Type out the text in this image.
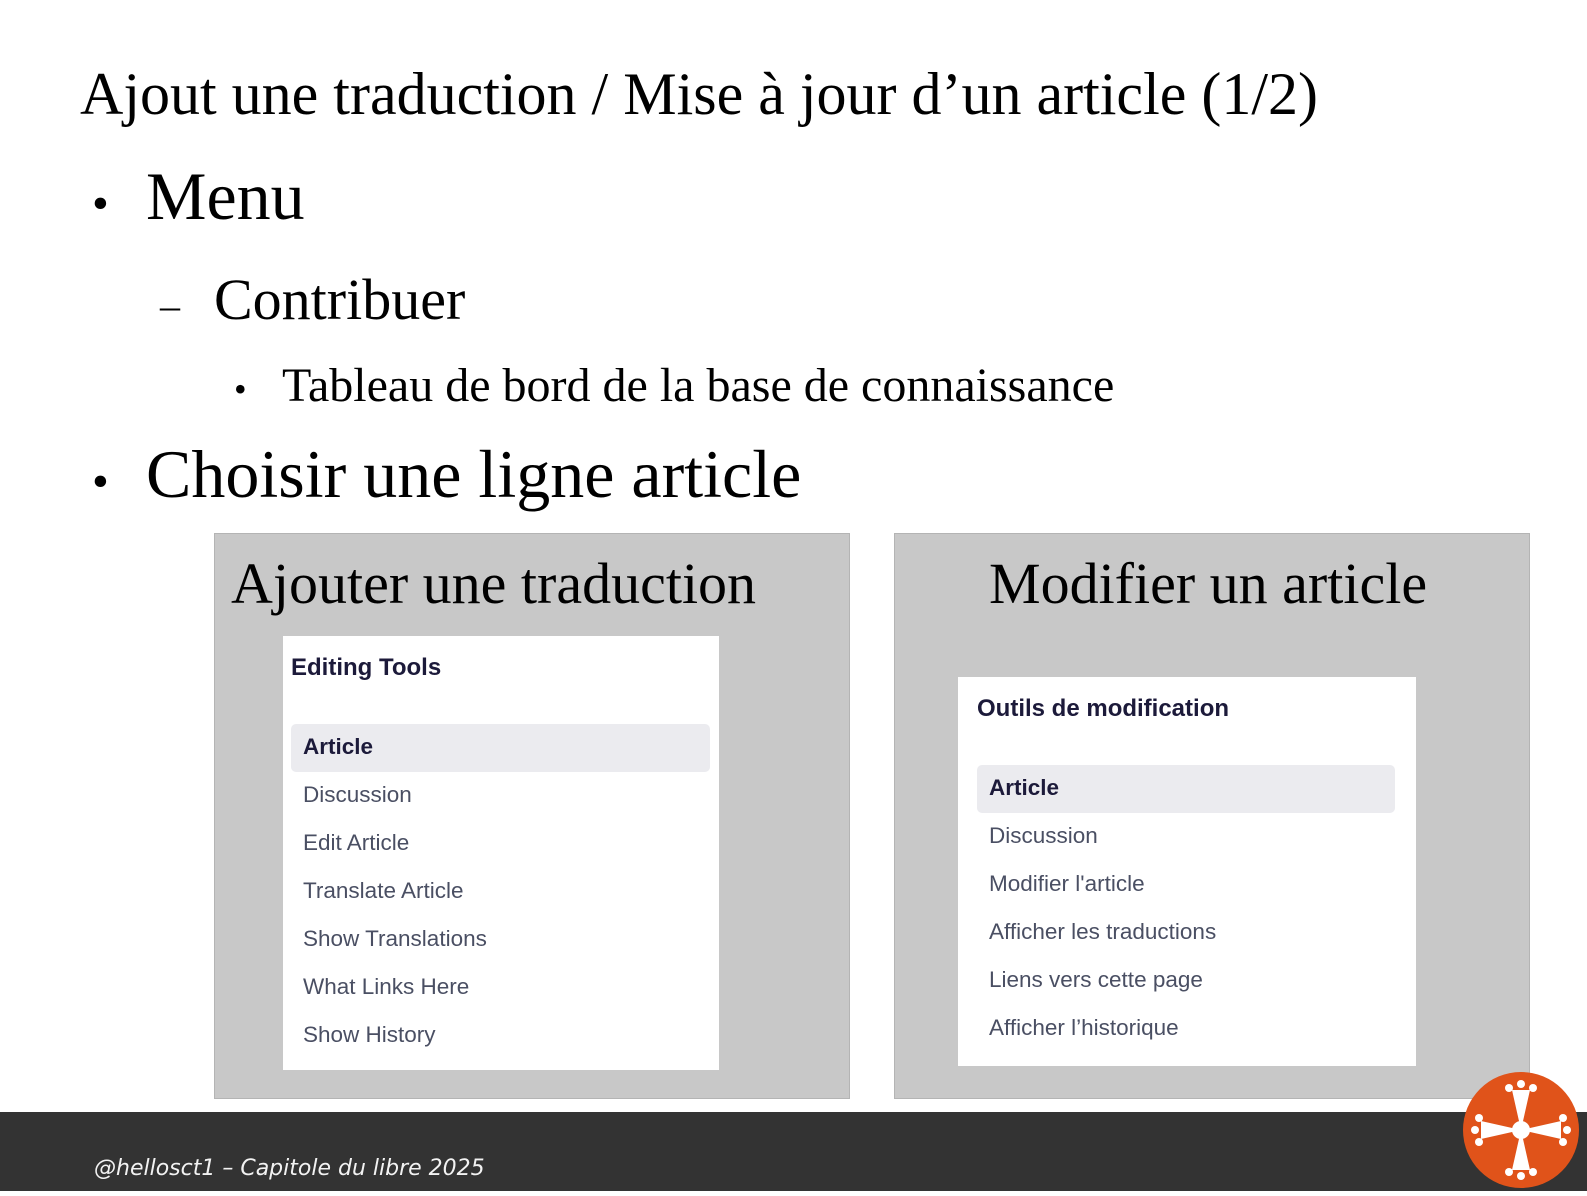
Ajout une traduction / Mise à jour d’un article (1/2)
• Menu
– Contribuer
• Tableau de bord de la base de connaissance
• Choisir une ligne article
Ajouter une traduction
Editing Tools
Article
Discussion
Edit Article
Translate Article
Show Translations
What Links Here
Show History
Modifier un article
Outils de modification
Article
Discussion
Modifier l'article
Afficher les traductions
Liens vers cette page
Afficher l’historique
@hellosct1 – Capitole du libre 2025
